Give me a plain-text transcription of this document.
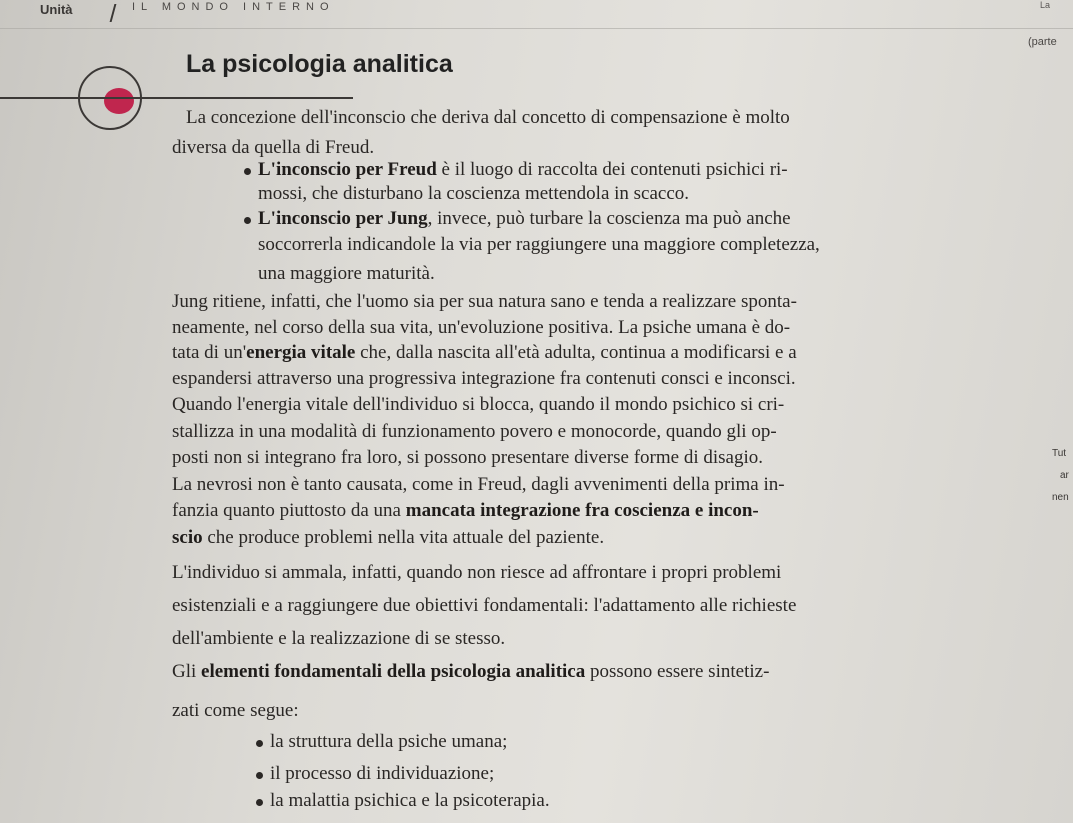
Unità	IL MONDO INTERNO	La
(parte
Tut
ar
nen
La psicologia analitica
La concezione dell'inconscio che deriva dal concetto di compensazione è molto
diversa da quella di Freud.
L'inconscio per Freud è il luogo di raccolta dei contenuti psichici ri-
mossi, che disturbano la coscienza mettendola in scacco.
L'inconscio per Jung, invece, può turbare la coscienza ma può anche
soccorrerla indicandole la via per raggiungere una maggiore completezza,
una maggiore maturità.
Jung ritiene, infatti, che l'uomo sia per sua natura sano e tenda a realizzare sponta-
neamente, nel corso della sua vita, un'evoluzione positiva. La psiche umana è do-
tata di un'energia vitale che, dalla nascita all'età adulta, continua a modificarsi e a
espandersi attraverso una progressiva integrazione fra contenuti consci e inconsci.
Quando l'energia vitale dell'individuo si blocca, quando il mondo psichico si cri-
stallizza in una modalità di funzionamento povero e monocorde, quando gli op-
posti non si integrano fra loro, si possono presentare diverse forme di disagio.
La nevrosi non è tanto causata, come in Freud, dagli avvenimenti della prima in-
fanzia quanto piuttosto da una mancata integrazione fra coscienza e incon-
scio che produce problemi nella vita attuale del paziente.
L'individuo si ammala, infatti, quando non riesce ad affrontare i propri problemi
esistenziali e a raggiungere due obiettivi fondamentali: l'adattamento alle richieste
dell'ambiente e la realizzazione di se stesso.
Gli elementi fondamentali della psicologia analitica possono essere sintetiz-
zati come segue:
la struttura della psiche umana;
il processo di individuazione;
la malattia psichica e la psicoterapia.
